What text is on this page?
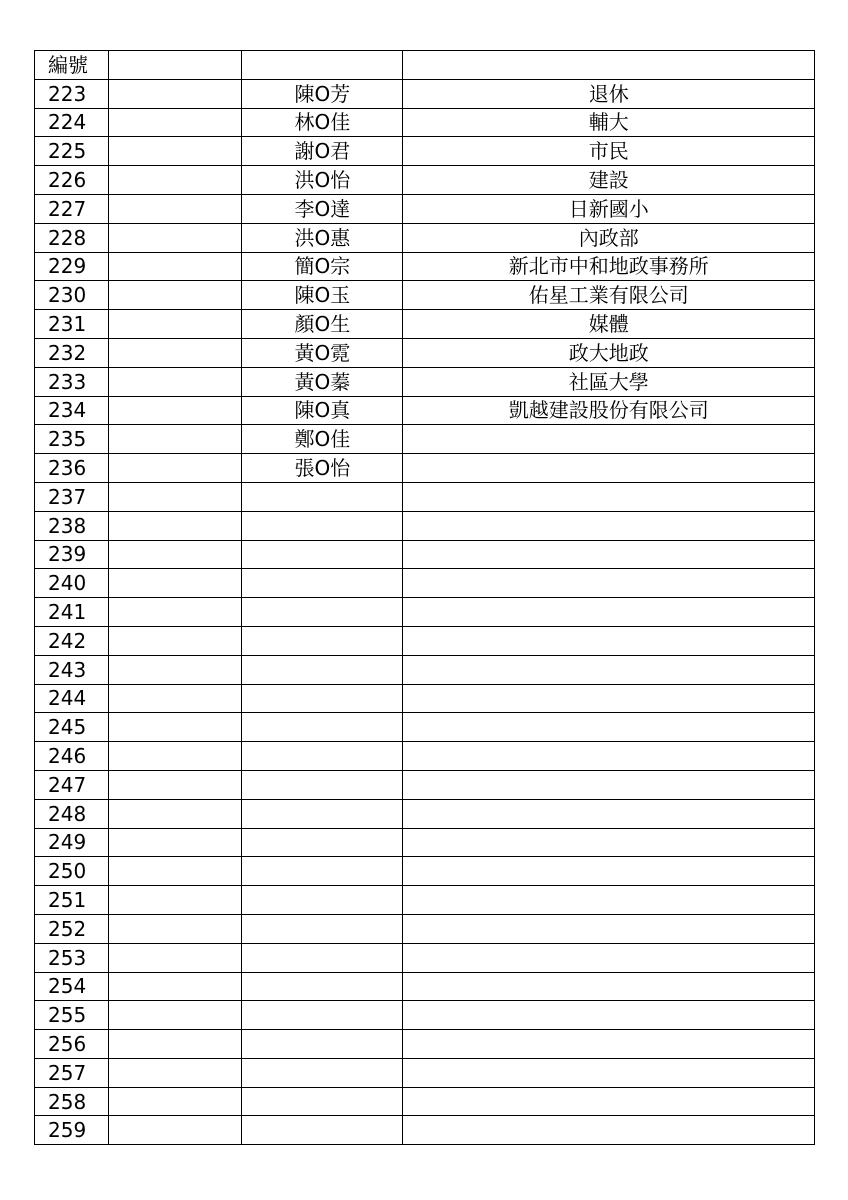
編號			
223		陳O芳	退休
224		林O佳	輔大
225		謝O君	市民
226		洪O怡	建設
227		李O達	日新國小
228		洪O惠	內政部
229		簡O宗	新北市中和地政事務所
230		陳O玉	佑星工業有限公司
231		顏O生	媒體
232		黃O霓	政大地政
233		黃O蓁	社區大學
234		陳O真	凱越建設股份有限公司
235		鄭O佳	
236		張O怡	
237			
238			
239			
240			
241			
242			
243			
244			
245			
246			
247			
248			
249			
250			
251			
252			
253			
254			
255			
256			
257			
258			
259			
